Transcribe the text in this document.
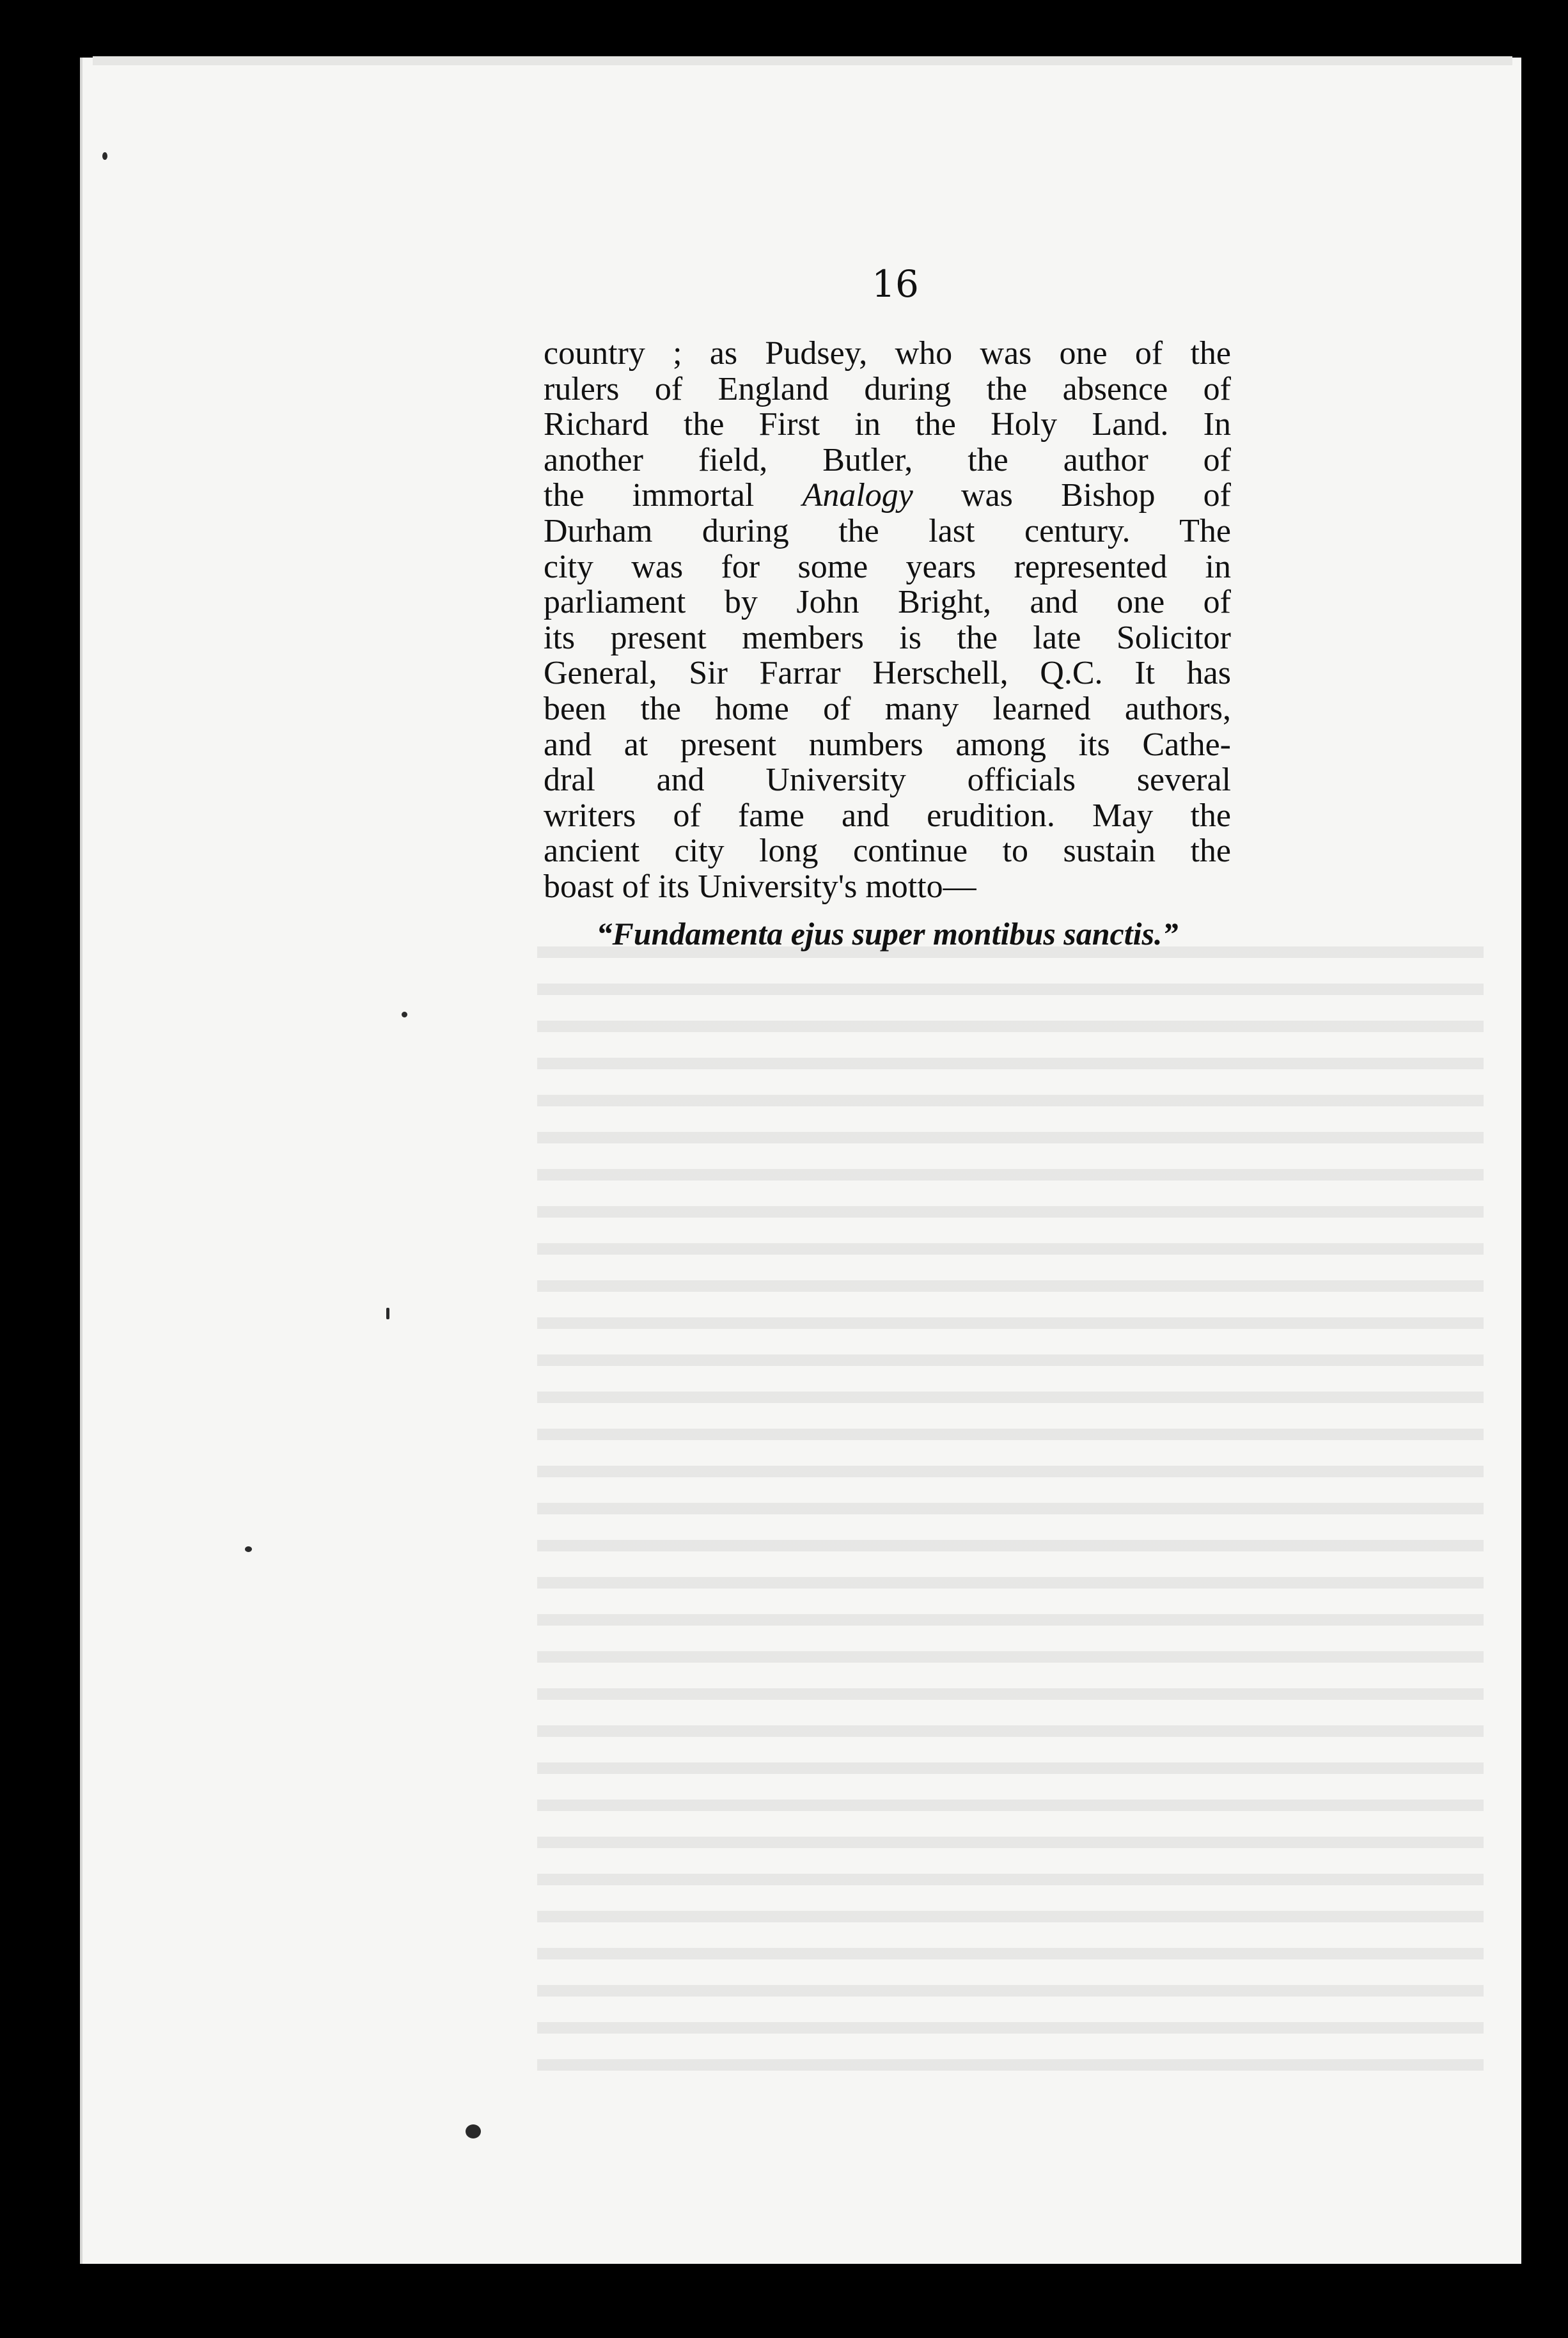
16
country ; as Pudsey, who was one of the
rulers of England during the absence of
Richard the First in the Holy Land. In
another field, Butler, the author of
the immortal Analogy was Bishop of
Durham during the last century. The
city was for some years represented in
parliament by John Bright, and one of
its present members is the late Solicitor
General, Sir Farrar Herschell, Q.C. It has
been the home of many learned authors,
and at present numbers among its Cathe-
dral and University officials several
writers of fame and erudition. May the
ancient city long continue to sustain the
boast of its University's motto—
“Fundamenta ejus super montibus sanctis.”
